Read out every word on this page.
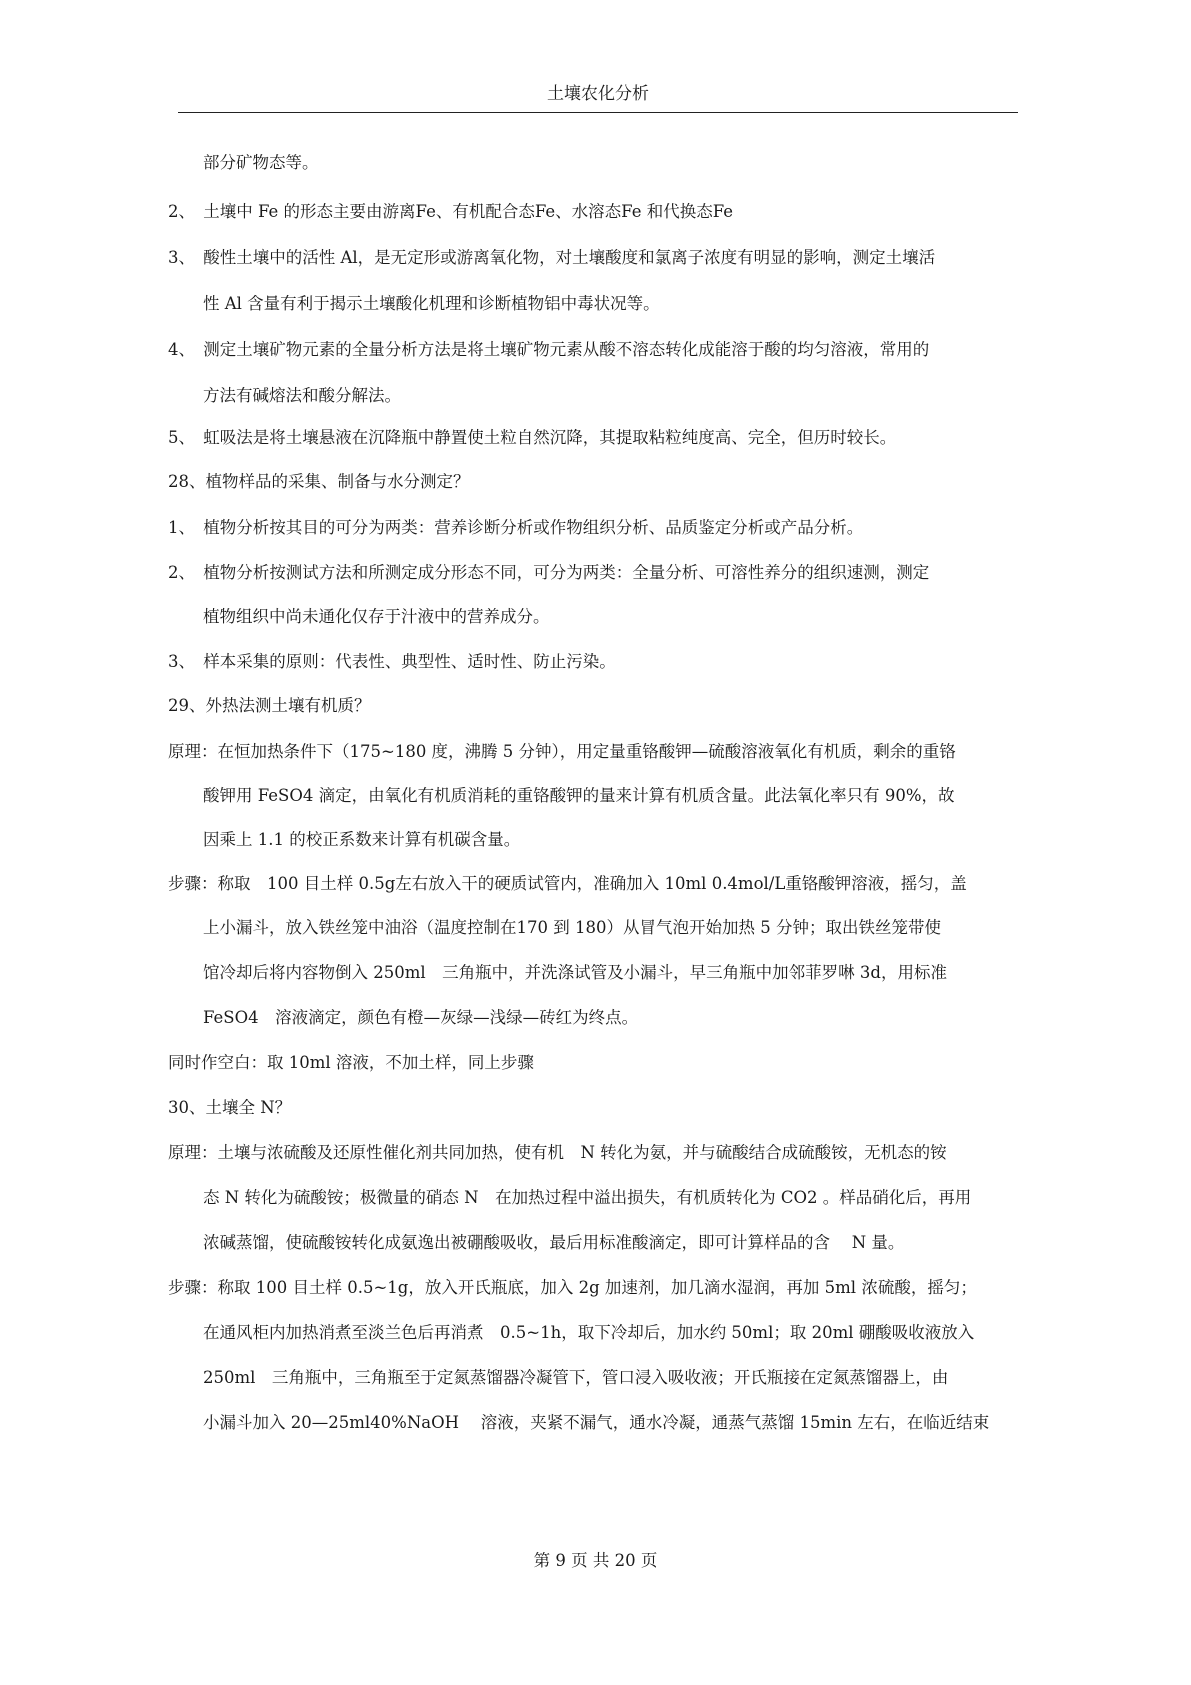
土壤农化分析
部分矿物态等。
2、　土壤中 Fe 的形态主要由游离Fe、有机配合态Fe、水溶态Fe 和代换态Fe
3、　酸性土壤中的活性 Al，是无定形或游离氧化物，对土壤酸度和氯离子浓度有明显的影响，测定土壤活
性 Al 含量有利于揭示土壤酸化机理和诊断植物铝中毒状况等。
4、　测定土壤矿物元素的全量分析方法是将土壤矿物元素从酸不溶态转化成能溶于酸的均匀溶液，常用的
方法有碱熔法和酸分解法。
5、　虹吸法是将土壤悬液在沉降瓶中静置使土粒自然沉降，其提取粘粒纯度高、完全，但历时较长。
28、植物样品的采集、制备与水分测定？
1、　植物分析按其目的可分为两类：营养诊断分析或作物组织分析、品质鉴定分析或产品分析。
2、　植物分析按测试方法和所测定成分形态不同，可分为两类：全量分析、可溶性养分的组织速测，测定
植物组织中尚未通化仅存于汁液中的营养成分。
3、　样本采集的原则：代表性、典型性、适时性、防止污染。
29、外热法测土壤有机质？
原理：在恒加热条件下（175~180 度，沸腾 5 分钟），用定量重铬酸钾—硫酸溶液氧化有机质，剩余的重铬
酸钾用 FeSO4 滴定，由氧化有机质消耗的重铬酸钾的量来计算有机质含量。此法氧化率只有 90%，故
因乘上 1.1 的校正系数来计算有机碳含量。
步骤：称取　100 目土样 0.5g左右放入干的硬质试管内，准确加入 10ml 0.4mol/L重铬酸钾溶液，摇匀，盖
上小漏斗，放入铁丝笼中油浴（温度控制在170 到 180）从冒气泡开始加热 5 分钟；取出铁丝笼带使
馆冷却后将内容物倒入 250ml　三角瓶中，并洗涤试管及小漏斗，早三角瓶中加邻菲罗啉 3d，用标准
FeSO4　溶液滴定，颜色有橙—灰绿—浅绿—砖红为终点。
同时作空白：取 10ml 溶液，不加土样，同上步骤
30、土壤全 N？
原理：土壤与浓硫酸及还原性催化剂共同加热，使有机　N 转化为氨，并与硫酸结合成硫酸铵，无机态的铵
态 N 转化为硫酸铵；极微量的硝态 N　在加热过程中溢出损失，有机质转化为 CO2 。样品硝化后，再用
浓碱蒸馏，使硫酸铵转化成氨逸出被硼酸吸收，最后用标准酸滴定，即可计算样品的含　 N 量。
步骤：称取 100 目土样 0.5~1g，放入开氏瓶底，加入 2g 加速剂，加几滴水湿润，再加 5ml 浓硫酸，摇匀；
在通风柜内加热消煮至淡兰色后再消煮　0.5~1h，取下冷却后，加水约 50ml；取 20ml 硼酸吸收液放入
250ml　三角瓶中，三角瓶至于定氮蒸馏器冷凝管下，管口浸入吸收液；开氏瓶接在定氮蒸馏器上，由
小漏斗加入 20—25ml40%NaOH　 溶液，夹紧不漏气，通水冷凝，通蒸气蒸馏 15min 左右，在临近结束
第 9 页 共 20 页
